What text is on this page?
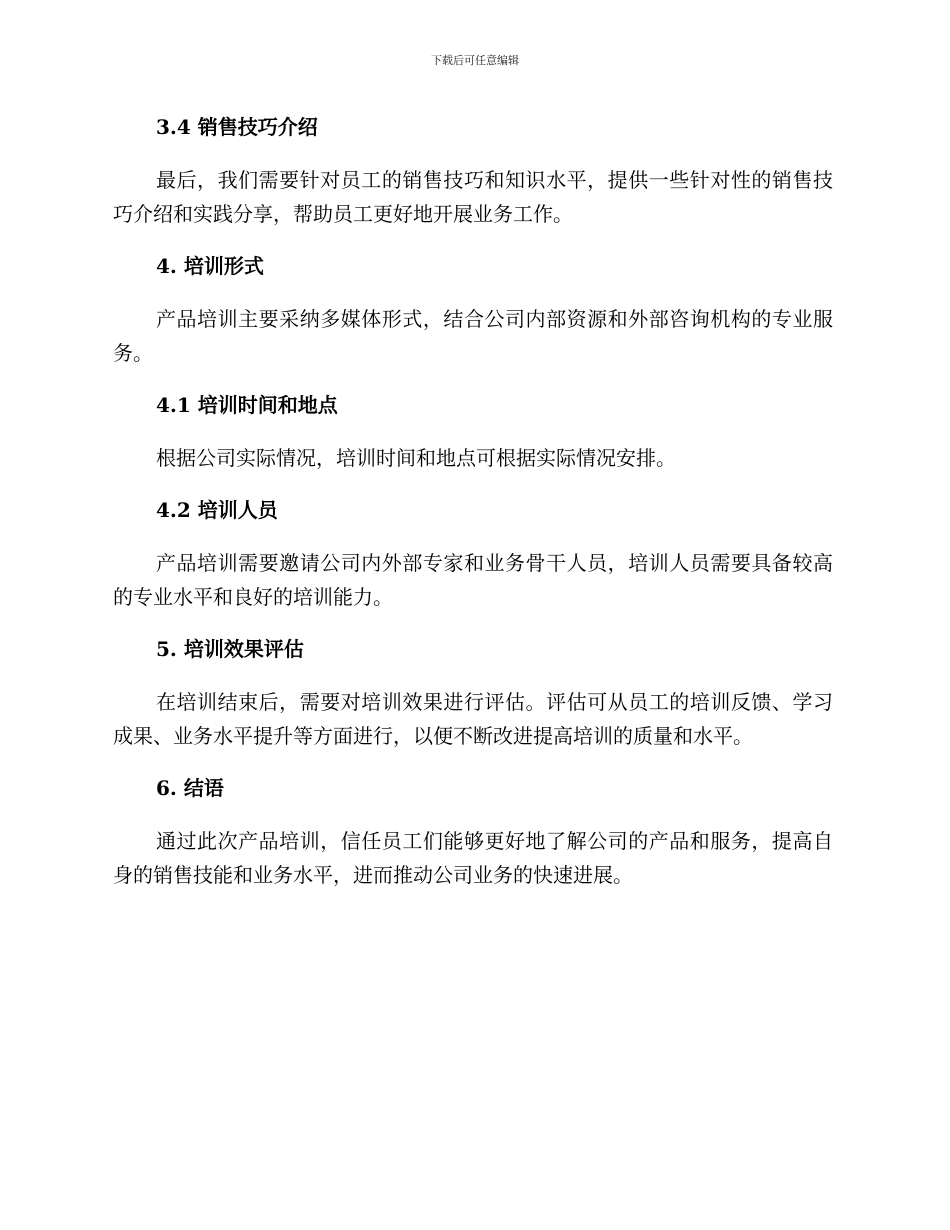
下载后可任意编辑
3.4 销售技巧介绍

最后，我们需要针对员工的销售技巧和知识水平，提供一些针对性的销售技巧介绍和实践分享，帮助员工更好地开展业务工作。

4. 培训形式

产品培训主要采纳多媒体形式，结合公司内部资源和外部咨询机构的专业服务。

4.1 培训时间和地点

根据公司实际情况，培训时间和地点可根据实际情况安排。

4.2 培训人员

产品培训需要邀请公司内外部专家和业务骨干人员，培训人员需要具备较高的专业水平和良好的培训能力。

5. 培训效果评估

在培训结束后，需要对培训效果进行评估。评估可从员工的培训反馈、学习成果、业务水平提升等方面进行，以便不断改进提高培训的质量和水平。

6. 结语

通过此次产品培训，信任员工们能够更好地了解公司的产品和服务，提高自身的销售技能和业务水平，进而推动公司业务的快速进展。
